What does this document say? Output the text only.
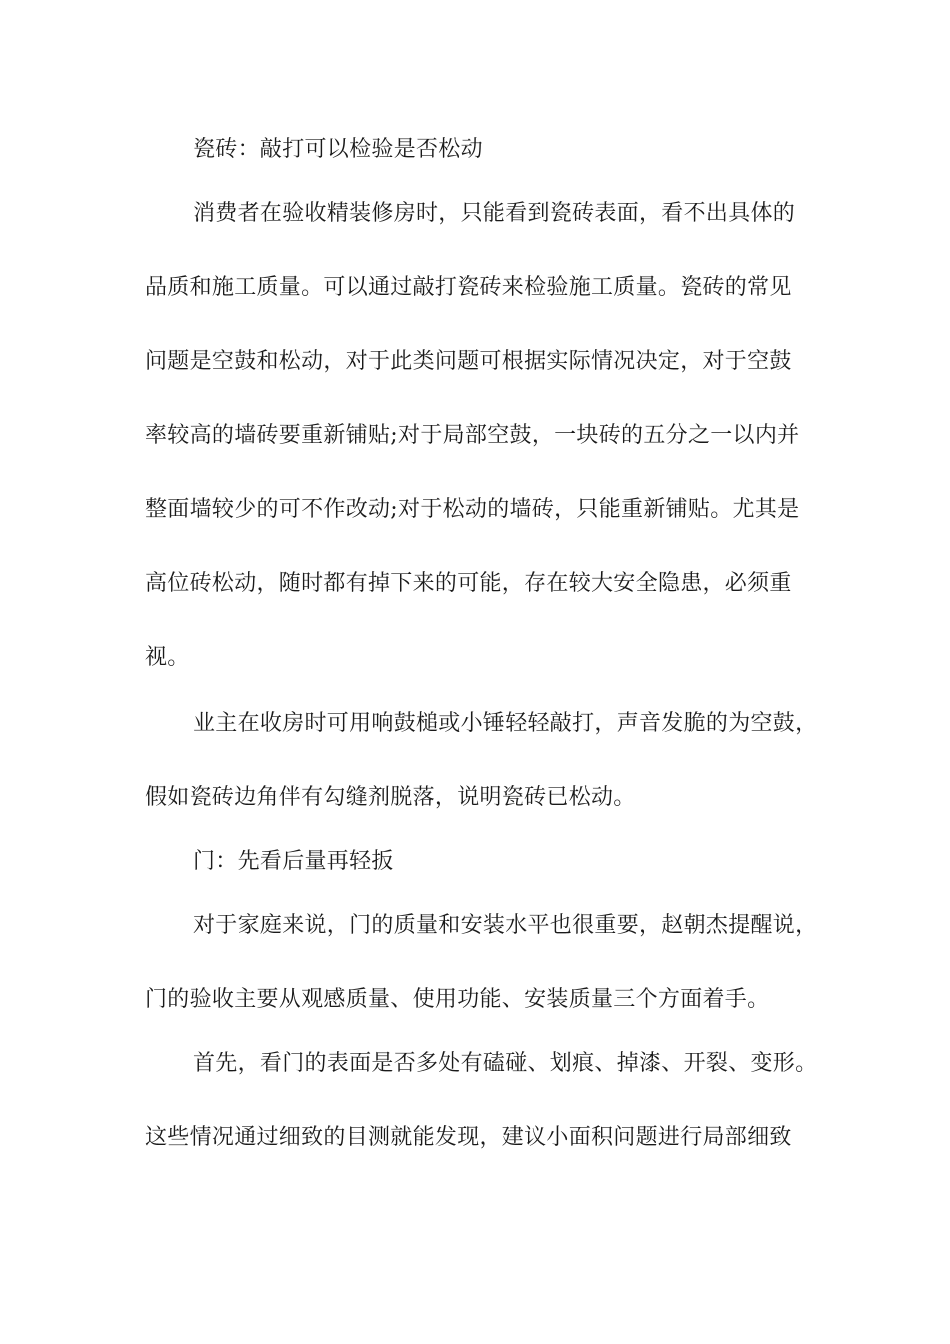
瓷砖：敲打可以检验是否松动
消费者在验收精装修房时，只能看到瓷砖表面，看不出具体的
品质和施工质量。可以通过敲打瓷砖来检验施工质量。瓷砖的常见
问题是空鼓和松动，对于此类问题可根据实际情况决定，对于空鼓
率较高的墙砖要重新铺贴;对于局部空鼓，一块砖的五分之一以内并
整面墙较少的可不作改动;对于松动的墙砖，只能重新铺贴。尤其是
高位砖松动，随时都有掉下来的可能，存在较大安全隐患，必须重
视。
业主在收房时可用响鼓槌或小锤轻轻敲打，声音发脆的为空鼓，
假如瓷砖边角伴有勾缝剂脱落，说明瓷砖已松动。
门：先看后量再轻扳
对于家庭来说，门的质量和安装水平也很重要，赵朝杰提醒说，
门的验收主要从观感质量、使用功能、安装质量三个方面着手。
首先，看门的表面是否多处有磕碰、划痕、掉漆、开裂、变形。
这些情况通过细致的目测就能发现，建议小面积问题进行局部细致
